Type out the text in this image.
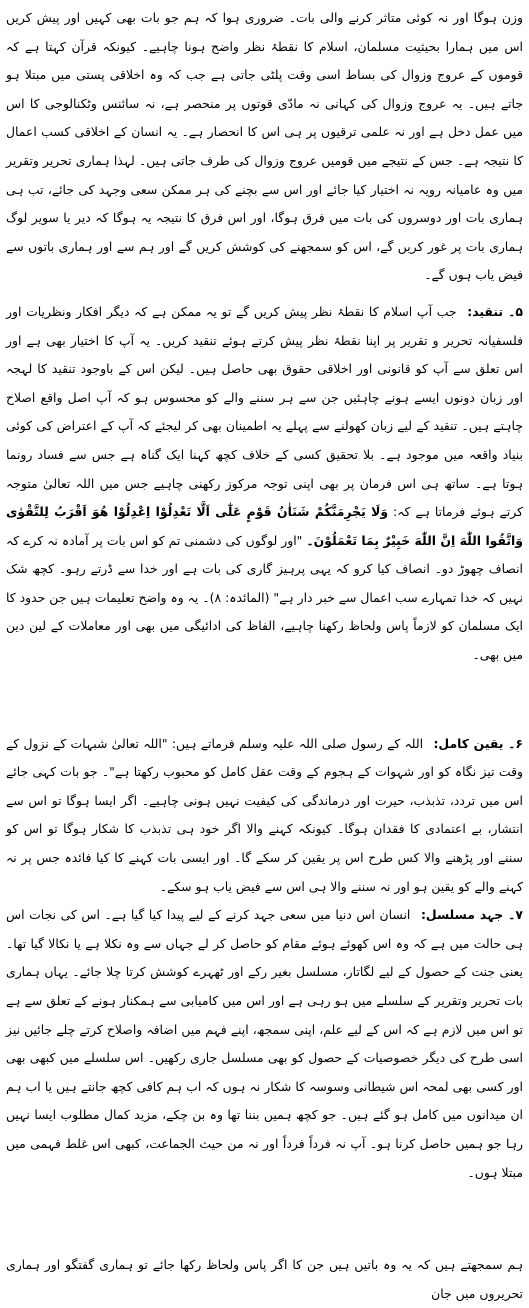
وزن ہوگا اور نہ کوئی متاثر کرنے والی بات۔ ضروری ہوا کہ ہم جو بات بھی کہیں اور پیش کریں اس میں ہمارا بحیثیت مسلمان، اسلام کا نقطۂ نظر واضح ہونا چاہیے۔ کیونکہ قرآن کہتا ہے کہ قوموں کے عروج وزوال کی بساط اسی وقت پلٹی جاتی ہے جب کہ وہ اخلاقی پستی میں مبتلا ہو جاتے ہیں۔ یہ عروج وزوال کی کہانی نہ مادّی قوتوں پر منحصر ہے، نہ سائنس وٹکنالوجی کا اس میں عمل دخل ہے اور نہ علمی ترقیوں پر ہی اس کا انحصار ہے۔ یہ انسان کے اخلاقی کسب اعمال کا نتیجہ ہے۔ جس کے نتیجے میں قومیں عروج وزوال کی طرف جاتی ہیں۔ لہذا ہماری تحریر وتقریر میں وہ عامیانہ رویہ نہ اختیار کیا جائے اور اس سے بچنے کی ہر ممکن سعی وجہد کی جائے، تب ہی ہماری بات اور دوسروں کی بات میں فرق ہوگا، اور اس فرق کا نتیجہ یہ ہوگا کہ دیر یا سویر لوگ ہماری بات پر غور کریں گے، اس کو سمجھنے کی کوشش کریں گے اور ہم سے اور ہماری باتوں سے فیض یاب ہوں گے۔

۵۔ تنقید: جب آپ اسلام کا نقطۂ نظر پیش کریں گے تو یہ ممکن ہے کہ دیگر افکار ونظریات اور فلسفیانہ تحریر و تقریر پر اپنا نقطۂ نظر پیش کرتے ہوئے تنقید کریں۔ یہ آپ کا اختیار بھی ہے اور اس تعلق سے آپ کو قانونی اور اخلاقی حقوق بھی حاصل ہیں۔ لیکن اس کے باوجود تنقید کا لہجہ اور زبان دونوں ایسے ہونے چاہئیں جن سے ہر سننے والے کو محسوس ہو کہ آپ اصل واقع اصلاح چاہتے ہیں۔ تنقید کے لیے زبان کھولنے سے پہلے یہ اطمینان بھی کر لیجئے کہ آپ کے اعتراض کی کوئی بنیاد واقعہ میں موجود ہے۔ بلا تحقیق کسی کے خلاف کچھ کہنا ایک گناہ ہے جس سے فساد رونما ہوتا ہے۔ ساتھ ہی اس فرمان پر بھی اپنی توجہ مرکوز رکھنی چاہیے جس میں اللہ تعالیٰ متوجہ کرتے ہوئے فرماتا ہے کہ: وَلَا یَجْرِمَنَّكُمْ شَنَاٰنُ قَوْمٍ عَلٰٓی اَلَّا تَعْدِلُوْا اِعْدِلُوْا ھُوَ اَقْرَبُ لِلتَّقْوٰی وَاتَّقُوا اللّٰهَ اِنَّ اللّٰهَ خَبِیْرٌ بِمَا تَعْمَلُوْنَ۔ "اور لوگوں کی دشمنی تم کو اس بات پر آمادہ نہ کرے کہ انصاف چھوڑ دو۔ انصاف کیا کرو کہ یہی پرہیز گاری کی بات ہے اور خدا سے ڈرتے رہو۔ کچھ شک نہیں کہ خدا تمہارے سب اعمال سے خبر دار ہے" (المائدہ: ۸)۔ یہ وہ واضح تعلیمات ہیں جن حدود کا ایک مسلمان کو لازماً پاس ولحاظ رکھنا چاہیے، الفاظ کی ادائیگی میں بھی اور معاملات کے لین دین میں بھی۔

۶۔ یقین کامل: اللہ کے رسول صلی اللہ علیہ وسلم فرماتے ہیں: "اللہ تعالیٰ شبہات کے نزول کے وقت تیز نگاہ کو اور شہوات کے ہجوم کے وقت عقل کامل کو محبوب رکھتا ہے"۔ جو بات کہی جائے اس میں تردد، تذبذب، حیرت اور درماندگی کی کیفیت نہیں ہونی چاہیے۔ اگر ایسا ہوگا تو اس سے انتشار، بے اعتمادی کا فقدان ہوگا۔ کیونکہ کہنے والا اگر خود ہی تذبذب کا شکار ہوگا تو اس کو سننے اور پڑھنے والا کس طرح اس پر یقین کر سکے گا۔ اور ایسی بات کہنے کا کیا فائدہ جس پر نہ کہنے والے کو یقین ہو اور نہ سننے والا ہی اس سے فیض یاب ہو سکے۔

۷۔ جہد مسلسل: انسان اس دنیا میں سعی جہد کرنے کے لیے پیدا کیا گیا ہے۔ اس کی نجات اس ہی حالت میں ہے کہ وہ اس کھوئے ہوئے مقام کو حاصل کر لے جہاں سے وہ نکلا ہے یا نکالا گیا تھا۔ یعنی جنت کے حصول کے لیے لگاتار، مسلسل بغیر رکے اور ٹھہرے کوشش کرتا چلا جائے۔ یہاں ہماری بات تحریر وتقریر کے سلسلے میں ہو رہی ہے اور اس میں کامیابی سے ہمکنار ہونے کے تعلق سے ہے تو اس میں لازم ہے کہ اس کے لیے علم، اپنی سمجھ، اپنے فہم میں اضافہ واصلاح کرتے چلے جائیں نیز اسی طرح کی دیگر خصوصیات کے حصول کو بھی مسلسل جاری رکھیں۔ اس سلسلے میں کبھی بھی اور کسی بھی لمحہ اس شیطانی وسوسہ کا شکار نہ ہوں کہ اب ہم کافی کچھ جانتے ہیں یا اب ہم ان میدانوں میں کامل ہو گئے ہیں۔ جو کچھ ہمیں بننا تھا وہ بن چکے، مزید کمال مطلوب ایسا نہیں رہا جو ہمیں حاصل کرنا ہو۔ آپ نہ فرداً فرداً اور نہ من حیث الجماعت، کبھی اس غلط فہمی میں مبتلا ہوں۔

ہم سمجھتے ہیں کہ یہ وہ باتیں ہیں جن کا اگر پاس ولحاظ رکھا جائے تو ہماری گفتگو اور ہماری تحریروں میں جان
